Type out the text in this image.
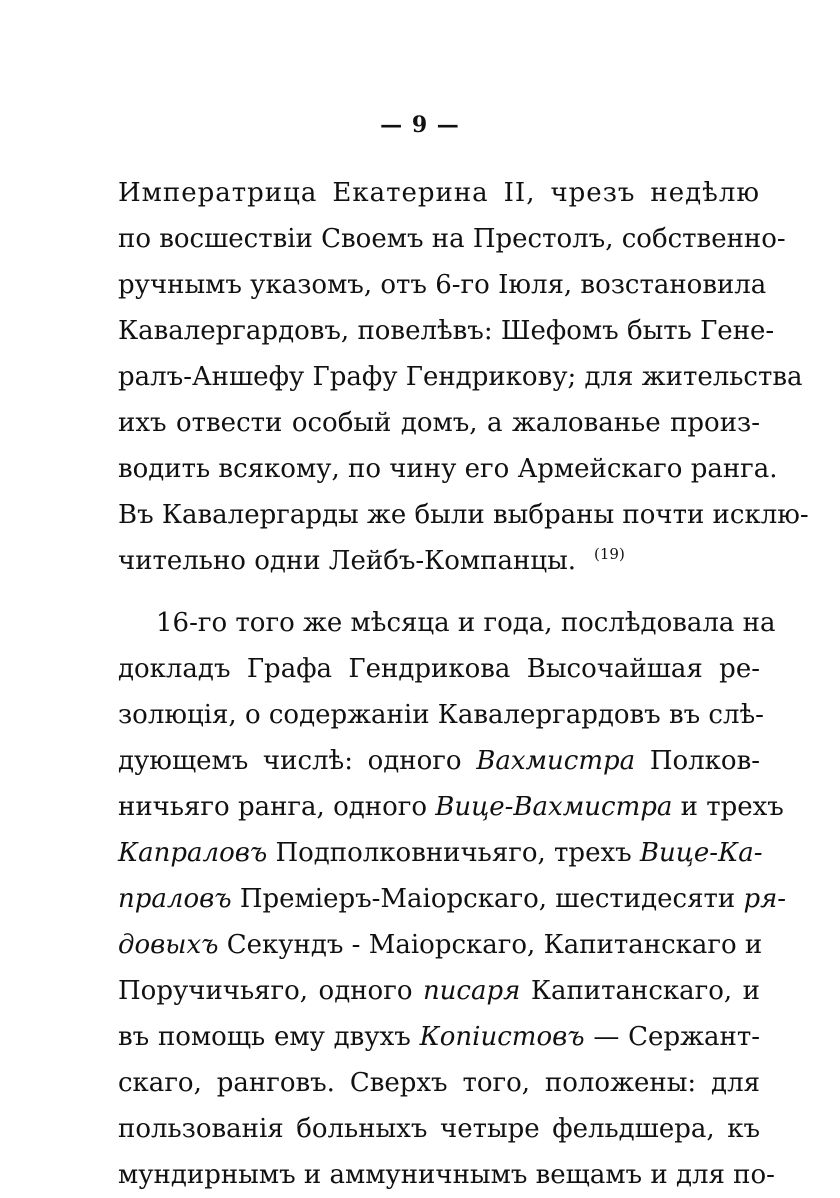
— 9 —
Императрица Екатерина II, чрезъ недѣлю
по восшествіи Своемъ на Престолъ, собственно-
ручнымъ указомъ, отъ 6-го Іюля, возстановила
Кавалергардовъ, повелѣвъ: Шефомъ быть Гене-
ралъ-Аншефу Графу Гендрикову; для жительства
ихъ отвести особый домъ, а жалованье произ-
водить всякому, по чину его Армейскаго ранга.
Въ Кавалергарды же были выбраны почти исклю-
чительно одни Лейбъ-Компанцы. $^{(19)}$
16-го того же мѣсяца и года, послѣдовала на
докладъ Графа Гендрикова Высочайшая ре-
золюція, о содержаніи Кавалергардовъ въ слѣ-
дующемъ числѣ: одного Вахмистра Полков-
ничьяго ранга, одного Вице-Вахмистра и трехъ
Капраловъ Подполковничьяго, трехъ Вице-Ка-
праловъ Преміеръ-Маіорскаго, шестидесяти ря-
довыхъ Секундъ - Маіорскаго, Капитанскаго и
Поручичьяго, одного писаря Капитанскаго, и
въ помощь ему двухъ Копіистовъ — Сержант-
скаго, ранговъ. Сверхъ того, положены: для
пользованія больныхъ четыре фельдшера, къ
мундирнымъ и аммуничнымъ вещамъ и для по-
